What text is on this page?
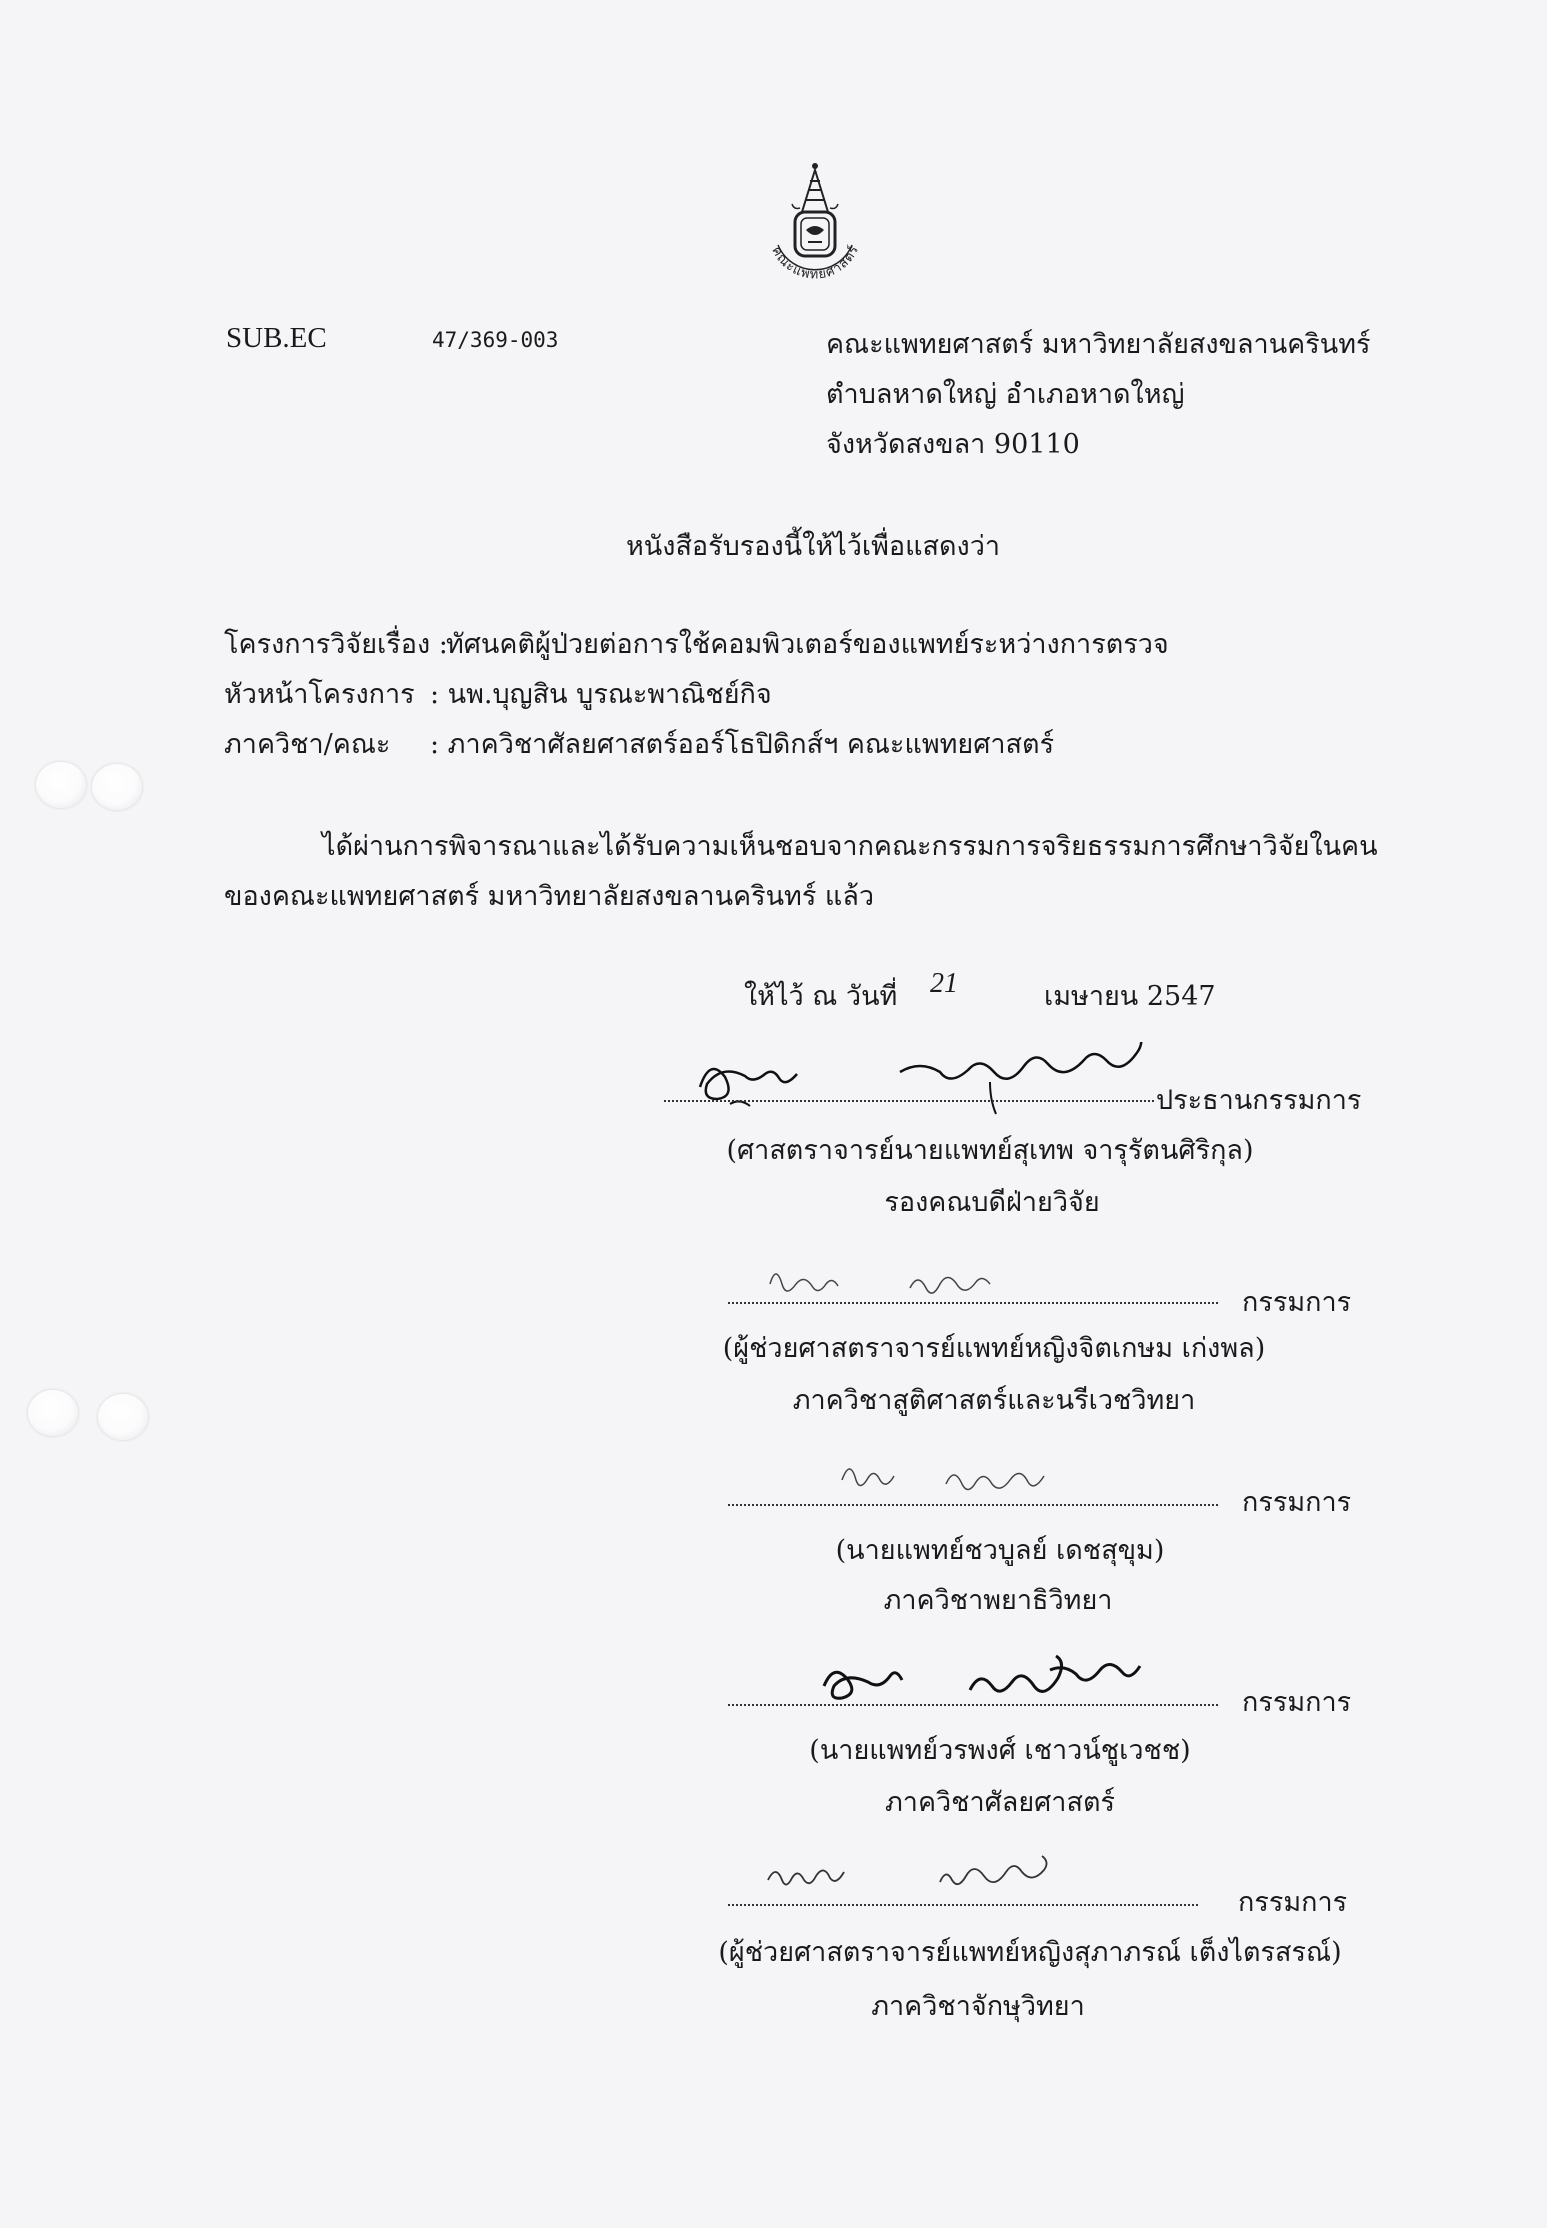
คณะแพทยศาสตร์
SUB.EC	47/369-003	คณะแพทยศาสตร์ มหาวิทยาลัยสงขลานครินทร์
ตำบลหาดใหญ่ อำเภอหาดใหญ่
จังหวัดสงขลา 90110
หนังสือรับรองนี้ให้ไว้เพื่อแสดงว่า
โครงการวิจัยเรื่อง :
ทัศนคติผู้ป่วยต่อการใช้คอมพิวเตอร์ของแพทย์ระหว่างการตรวจ
หัวหน้าโครงการ : นพ.บุญสิน บูรณะพาณิชย์กิจ
ภาควิชา/คณะ : ภาควิชาศัลยศาสตร์ออร์โธปิดิกส์ฯ คณะแพทยศาสตร์
ได้ผ่านการพิจารณาและได้รับความเห็นชอบจากคณะกรรมการจริยธรรมการศึกษาวิจัยในคน
ของคณะแพทยศาสตร์ มหาวิทยาลัยสงขลานครินทร์ แล้ว
ให้ไว้ ณ วันที่ 21	เมษายน 2547
ประธานกรรมการ
(ศาสตราจารย์นายแพทย์สุเทพ จารุรัตนศิริกุล)
รองคณบดีฝ่ายวิจัย
กรรมการ
(ผู้ช่วยศาสตราจารย์แพทย์หญิงจิตเกษม เก่งพล)
ภาควิชาสูติศาสตร์และนรีเวชวิทยา
กรรมการ
(นายแพทย์ชวบูลย์ เดชสุขุม)
ภาควิชาพยาธิวิทยา
กรรมการ
(นายแพทย์วรพงศ์ เชาวน์ชูเวชช)
ภาควิชาศัลยศาสตร์
กรรมการ
(ผู้ช่วยศาสตราจารย์แพทย์หญิงสุภาภรณ์ เต็งไตรสรณ์)
ภาควิชาจักษุวิทยา
